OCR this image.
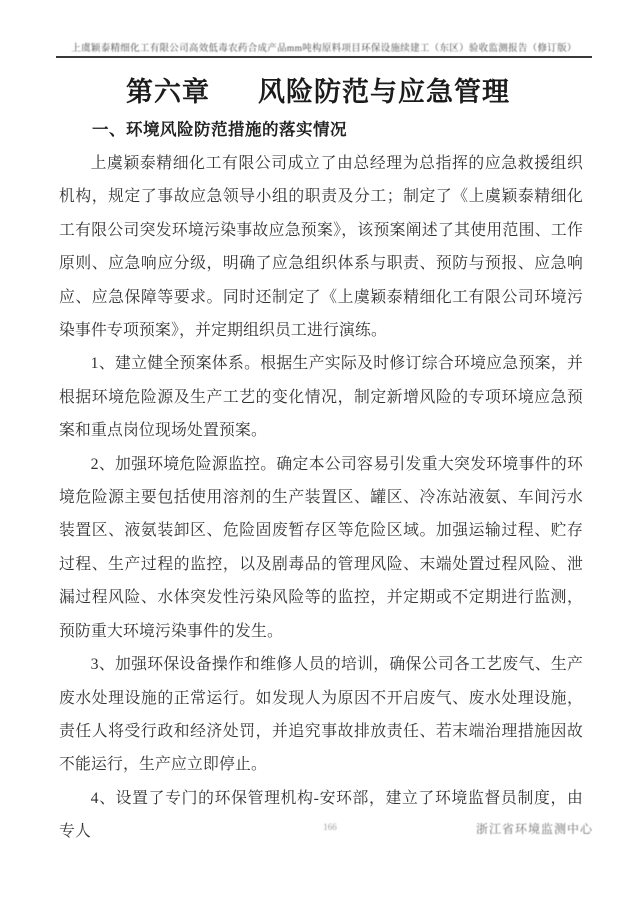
上虞颖泰精细化工有限公司高效低毒农药合成产品mm吨构原料项目环保设施续建工（东区）验收监测报告（修订版）
第六章 风险防范与应急管理
一、环境风险防范措施的落实情况

上虞颖泰精细化工有限公司成立了由总经理为总指挥的应急救援组织机构，规定了事故应急领导小组的职责及分工；制定了《上虞颖泰精细化工有限公司突发环境污染事故应急预案》，该预案阐述了其使用范围、工作原则、应急响应分级，明确了应急组织体系与职责、预防与预报、应急响应、应急保障等要求。同时还制定了《上虞颖泰精细化工有限公司环境污染事件专项预案》，并定期组织员工进行演练。

1、建立健全预案体系。根据生产实际及时修订综合环境应急预案，并根据环境危险源及生产工艺的变化情况，制定新增风险的专项环境应急预案和重点岗位现场处置预案。

2、加强环境危险源监控。确定本公司容易引发重大突发环境事件的环境危险源主要包括使用溶剂的生产装置区、罐区、冷冻站液氨、车间污水装置区、液氨装卸区、危险固废暂存区等危险区域。加强运输过程、贮存过程、生产过程的监控，以及剧毒品的管理风险、末端处置过程风险、泄漏过程风险、水体突发性污染风险等的监控，并定期或不定期进行监测，预防重大环境污染事件的发生。

3、加强环保设备操作和维修人员的培训，确保公司各工艺废气、生产废水处理设施的正常运行。如发现人为原因不开启废气、废水处理设施，责任人将受行政和经济处罚，并追究事故排放责任、若末端治理措施因故不能运行，生产应立即停止。

4、设置了专门的环保管理机构-安环部，建立了环境监督员制度，由专人	166	浙江省环境监测中心
